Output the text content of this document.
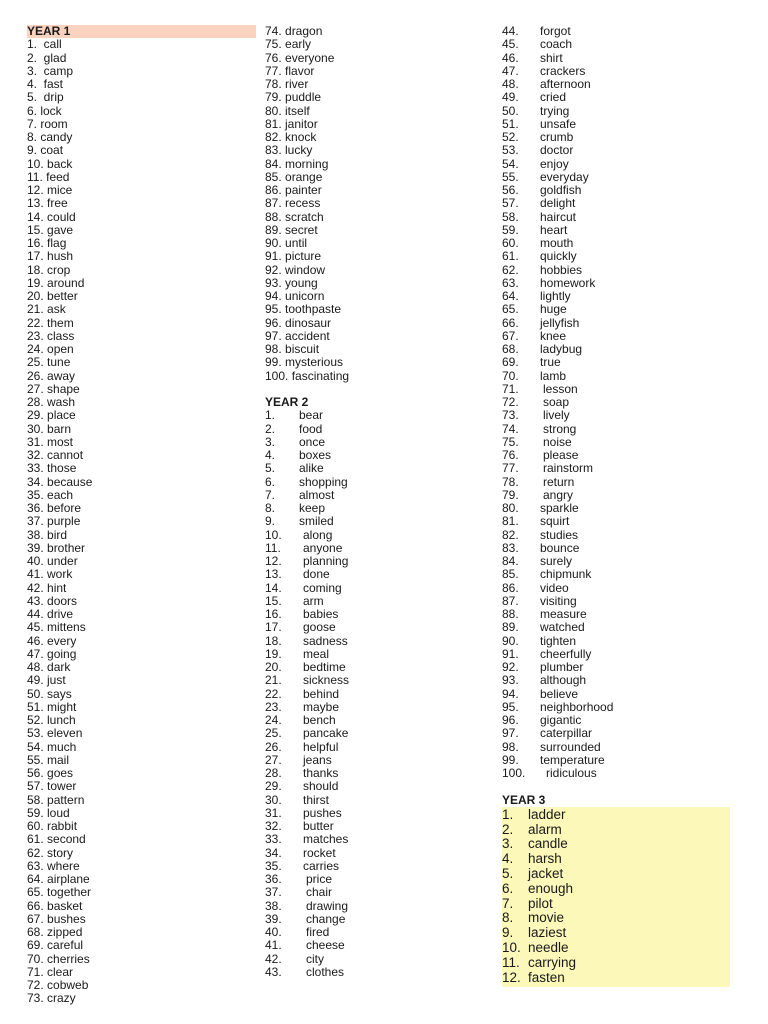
YEAR 1
1.  call
2.  glad
3.  camp
4.  fast
5.  drip
6. lock
7. room
8. candy
9. coat
10. back
11. feed
12. mice
13. free
14. could
15. gave
16. flag
17. hush
18. crop
19. around
20. better
21. ask
22. them
23. class
24. open
25. tune
26. away
27. shape
28. wash
29. place
30. barn
31. most
32. cannot
33. those
34. because
35. each
36. before
37. purple
38. bird
39. brother
40. under
41. work
42. hint
43. doors
44. drive
45. mittens
46. every
47. going
48. dark
49. just
50. says
51. might
52. lunch
53. eleven
54. much
55. mail
56. goes
57. tower
58. pattern
59. loud
60. rabbit
61. second
62. story
63. where
64. airplane
65. together
66. basket
67. bushes
68. zipped
69. careful
70. cherries
71. clear
72. cobweb
73. crazy
74. dragon
75. early
76. everyone
77. flavor
78. river
79. puddle
80. itself
81. janitor
82. knock
83. lucky
84. morning
85. orange
86. painter
87. recess
88. scratch
89. secret
90. until
91. picture
92. window
93. young
94. unicorn
95. toothpaste
96. dinosaur
97. accident
98. biscuit
99. mysterious
100. fascinating
YEAR 2
1. bear
2. food
3. once
4. boxes
5. alike
6. shopping
7. almost
8. keep
9. smiled
10. along
11. anyone
12. planning
13. done
14. coming
15. arm
16. babies
17. goose
18. sadness
19. meal
20. bedtime
21. sickness
22. behind
23. maybe
24. bench
25. pancake
26. helpful
27. jeans
28. thanks
29. should
30. thirst
31. pushes
32. butter
33. matches
34. rocket
35. carries
36. price
37. chair
38. drawing
39. change
40. fired
41. cheese
42. city
43. clothes
44. forgot
45. coach
46. shirt
47. crackers
48. afternoon
49. cried
50. trying
51. unsafe
52. crumb
53. doctor
54. enjoy
55. everyday
56. goldfish
57. delight
58. haircut
59. heart
60. mouth
61. quickly
62. hobbies
63. homework
64. lightly
65. huge
66. jellyfish
67. knee
68. ladybug
69. true
70. lamb
71. lesson
72. soap
73. lively
74. strong
75. noise
76. please
77. rainstorm
78. return
79. angry
80. sparkle
81. squirt
82. studies
83. bounce
84. surely
85. chipmunk
86. video
87. visiting
88. measure
89. watched
90. tighten
91. cheerfully
92. plumber
93. although
94. believe
95. neighborhood
96. gigantic
97. caterpillar
98. surrounded
99. temperature
100. ridiculous
YEAR 3
1. ladder
2. alarm
3. candle
4. harsh
5. jacket
6. enough
7. pilot
8. movie
9. laziest
10. needle
11. carrying
12. fasten
